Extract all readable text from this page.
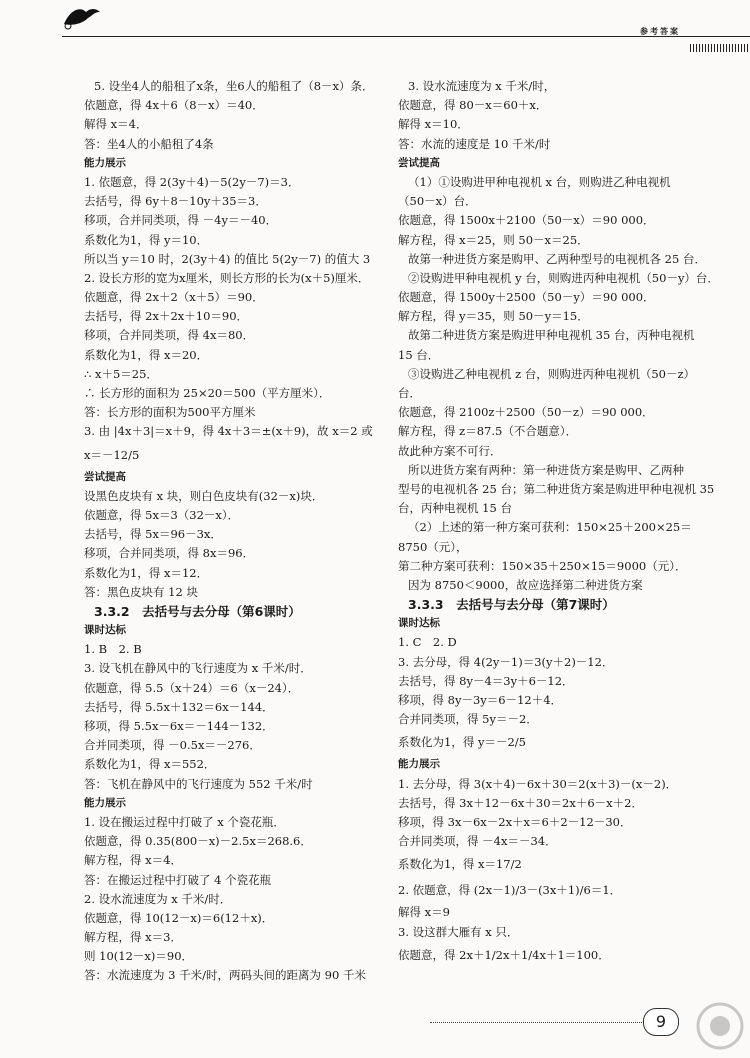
参考答案
5. 设坐4人的船租了x条，坐6人的船租了（8－x）条．
依题意，得 4x＋6（8－x）＝40．
解得 x＝4．
答：坐4人的小船租了4条
能力展示
1. 依题意，得 2(3y＋4)－5(2y－7)＝3．
去括号，得 6y＋8－10y＋35＝3．
移项，合并同类项，得 －4y＝－40．
系数化为1，得 y＝10．
所以当 y＝10 时，2(3y＋4) 的值比 5(2y－7) 的值大 3
2. 设长方形的宽为x厘米，则长方形的长为(x＋5)厘米．
依题意，得 2x＋2（x＋5）＝90．
去括号，得 2x＋2x＋10＝90．
移项，合并同类项，得 4x＝80．
系数化为1，得 x＝20．
∴ x＋5＝25．
∴ 长方形的面积为 25×20＝500（平方厘米）．
答：长方形的面积为500平方厘米
3. 由 |4x＋3|＝x＋9，得 4x＋3＝±(x＋9)，故 x＝2 或
x＝－12/5
尝试提高
设黑色皮块有 x 块，则白色皮块有(32－x)块．
依题意，得 5x＝3（32－x）．
去括号，得 5x＝96－3x．
移项，合并同类项，得 8x＝96．
系数化为1，得 x＝12．
答：黑色皮块有 12 块
3.3.2　去括号与去分母（第6课时）
课时达标
1. B　2. B
3. 设飞机在静风中的飞行速度为 x 千米/时．
依题意，得 5.5（x＋24）＝6（x－24）．
去括号，得 5.5x＋132＝6x－144．
移项，得 5.5x－6x＝－144－132．
合并同类项，得 －0.5x＝－276．
系数化为1，得 x＝552．
答：飞机在静风中的飞行速度为 552 千米/时
能力展示
1. 设在搬运过程中打破了 x 个瓷花瓶．
依题意，得 0.35(800－x)－2.5x＝268.6．
解方程，得 x＝4．
答：在搬运过程中打破了 4 个瓷花瓶
2. 设水流速度为 x 千米/时．
依题意，得 10(12－x)＝6(12＋x)．
解方程，得 x＝3．
则 10(12－x)＝90．
答：水流速度为 3 千米/时，两码头间的距离为 90 千米
3. 设水流速度为 x 千米/时，
依题意，得 80－x＝60＋x．
解得 x＝10．
答：水流的速度是 10 千米/时
尝试提高
（1）①设购进甲种电视机 x 台，则购进乙种电视机
（50－x）台．
依题意，得 1500x＋2100（50－x）＝90 000．
解方程，得 x＝25，则 50－x＝25．
故第一种进货方案是购甲、乙两种型号的电视机各 25 台．
②设购进甲种电视机 y 台，则购进丙种电视机（50－y）台．
依题意，得 1500y＋2500（50－y）＝90 000．
解方程，得 y＝35，则 50－y＝15．
故第二种进货方案是购进甲种电视机 35 台，丙种电视机
15 台．
③设购进乙种电视机 z 台，则购进丙种电视机（50－z）
台．
依题意，得 2100z＋2500（50－z）＝90 000．
解方程，得 z＝87.5（不合题意）．
故此种方案不可行．
所以进货方案有两种：第一种进货方案是购甲、乙两种
型号的电视机各 25 台；第二种进货方案是购进甲种电视机 35
台，丙种电视机 15 台
（2）上述的第一种方案可获利：150×25＋200×25＝
8750（元），
第二种方案可获利：150×35＋250×15＝9000（元）．
因为 8750＜9000，故应选择第二种进货方案
3.3.3　去括号与去分母（第7课时）
课时达标
1. C　2. D
3. 去分母，得 4(2y－1)＝3(y＋2)－12．
去括号，得 8y－4＝3y＋6－12．
移项，得 8y－3y＝6－12＋4．
合并同类项，得 5y＝－2．
系数化为1，得 y＝－2/5
能力展示
1. 去分母，得 3(x＋4)－6x＋30＝2(x＋3)－(x－2)．
去括号，得 3x＋12－6x＋30＝2x＋6－x＋2．
移项，得 3x－6x－2x＋x＝6＋2－12－30．
合并同类项，得 －4x＝－34．
系数化为1，得 x＝17/2
2. 依题意，得 (2x－1)/3－(3x＋1)/6＝1．
解得 x＝9
3. 设这群大雁有 x 只．
依题意，得 2x＋1/2x＋1/4x＋1＝100．
9
